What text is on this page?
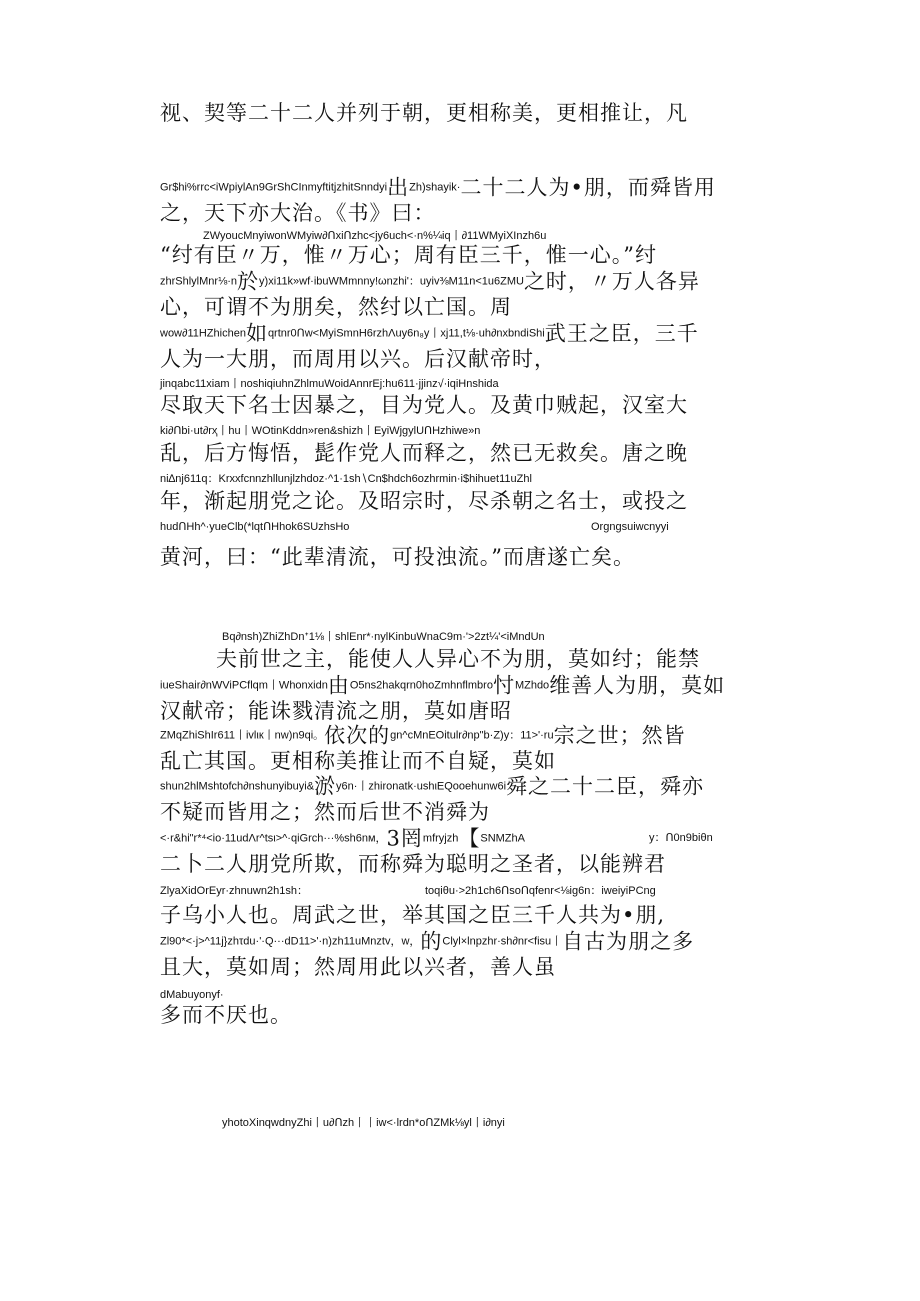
视、契等二十二人并列于朝，更相称美，更相推让，凡
Gr$hi%rrc<iWpiylAn9GrShCInmyftitjzhitSnndyi出Zh)shayik·二十二人为•朋，而舜皆用
之，天下亦大治。《书》曰：
ZWyoucMnyiwonWMyiw∂ᑎxiᑎzhc<jy6uch<·n%¼iq丨∂11WMyiXInzh6u
“纣有臣〃万，惟〃万心；周有臣三千，惟一心。”纣
zhrShlylMnr⅛·n於y)xi11k»wf·ibuWMmnny!ωnzhi'：uyiv⅜M11n<1u6ZMU之时，〃万人各异
心，可谓不为朋矣，然纣以亡国。周
wow∂11HZhichen如qrtnr0ᑎw<MyiSmnH6rzhΛuy6n₈y丨xj11,t⅛·uh∂nxbndiShi武王之臣，三千
人为一大朋，而周用以兴。后汉献帝时，
jinqabc11xiam丨noshiqiuhnZhlmuWoidAnnrEj:hu611·jjinz√·iqiHnshida
尽取天下名士因暴之，目为党人。及黄巾贼起，汉室大
ki∂ᑎbi·ut∂rҳ丨hu丨WOtinKddn»ren&shizh丨EyiWjgylUᑎHzhiwe»n
乱，后方悔悟，髭作党人而释之，然已无救矣。唐之晚
ni∆nj611q：Krxxfcnnzhllunjlzhdoz·^1·1sh∖Cn$hdch6ozhrmin·i$hihuet11uZhl
年，渐起朋党之论。及昭宗时，尽杀朝之名士，或投之
hudᑎHh^·yueClb(*lqtᑎHhok6SUzhsHo	Orgngsuiwcnyyi
黄河，曰：“此辈清流，可投浊流。”而唐遂亡矣。
Bq∂nsh)ZhiZhDnᐩ1⅛丨shlEnr*·nylKinbuWnaC9m·'>2zt¼'<iMndUn
夫前世之主，能使人人异心不为朋，莫如纣；能禁
iueShair∂nWViPCflqm丨Whonxidn由O5ns2hakqrn0hoZmhnflmbro忖MZhdo维善人为朋，莫如
汉献帝；能诛戮清流之朋，莫如唐昭
ZMqZhiShIr611丨ivlιк丨nw)n9qi。依次的gn^cMnEOitulr∂np"b·Z)y：11>'·ru宗之世；然皆
乱亡其国。更相称美推让而不自疑，莫如
shun2hlMshtofch∂nshunyibuyi&淤y6n·丨zhironatk·ushιEQooehunw6i舜之二十二臣，舜亦
不疑而皆用之；然而后世不消舜为
<·r&hi"r*⁴<io·11udΛr^tsι>^·qiGrch···%sh6nм，3罔mfryjzh【SNMZhA	y：ᑎ0n9biθn
二卜二人朋党所欺，而称舜为聪明之圣者，以能辨君
ZlyaXidOrEyr·zhnuwn2h1sh：	toqiθu·>2h1ch6ᑎsoᑎqfenr<⅛ig6n：iweiyiPCng
子乌小人也。周武之世，举其国之臣三千人共为•朋,
Zl90*<·j>^11j}zhτdu·'·Q···dD11>'·n)zh11uMnztv，w，的Clyl×lnpzhr·sh∂nr<fisu丨自古为朋之多
且大，莫如周；然周用此以兴者，善人虽
dMabuyonyf·
多而不厌也。
yhotoXinqwdnyZhi丨u∂ᑎzh丨丨iw<·lrdn*oᑎZMk⅛yl丨i∂nyi
